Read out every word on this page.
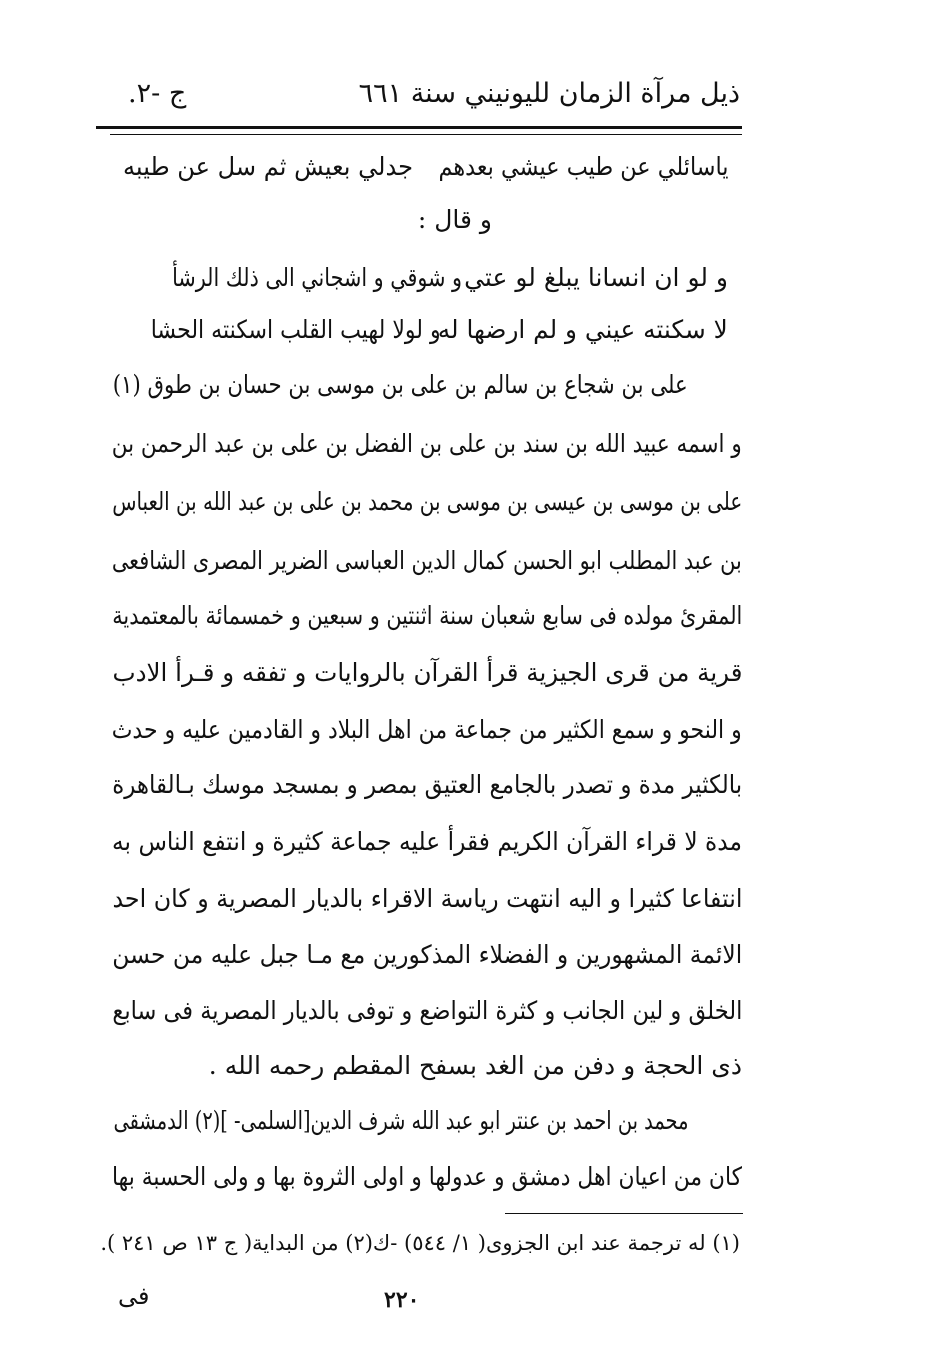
ذيل مرآة الزمان لليونيني سنة ٦٦١
ج -٢.
ياسائلي عن طيب عيشي بعدهم
جدلي بعيش ثم سل عن طيبه
و قال :
و لو ان انسانا يبلغ لو عتي
و شوقي و اشجاني الى ذلك الرشأ
لا سكنته عيني و لم ارضها له
و لولا لهيب القلب اسكنته الحشا
على بن شجاع بن سالم بن على بن موسى بن حسان بن طوق (١)
و اسمه عبيد الله بن سند بن على بن الفضل بن على بن عبد الرحمن بن
على بن موسى بن عيسى بن موسى بن محمد بن على بن عبد الله بن العباس
بن عبد المطلب ابو الحسن كمال الدين العباسى الضرير المصرى الشافعى
المقرئ مولده فى سابع شعبان سنة اثنتين و سبعين و خمسمائة بالمعتمدية
قرية من قرى الجيزية قرأ القرآن بالروايات و تفقه و قـرأ الادب
و النحو و سمع الكثير من جماعة من اهل البلاد و القادمين عليه و حدث
بالكثير مدة و تصدر بالجامع العتيق بمصر و بمسجد موسك بـالقاهرة
مدة لا قراء القرآن الكريم فقرأ عليه جماعة كثيرة و انتفع الناس به
انتفاعا كثيرا و اليه انتهت رياسة الاقراء بالديار المصرية و كان احد
الائمة المشهورين و الفضلاء المذكورين مع مـا جبل عليه من حسن
الخلق و لين الجانب و كثرة التواضع و توفى بالديار المصرية فى سابع
ذى الحجة و دفن من الغد بسفح المقطم رحمه الله .
محمد بن احمد بن عنتر ابو عبد الله شرف الدين[السلمى- ](٢) الدمشقى
كان من اعيان اهل دمشق و عدولها و اولى الثروة بها و ولى الحسبة بها
(١) له ترجمة عند ابن الجزوى( ١/ ٥٤٤) -ك(٢) من البداية( ج ١٣ ص ٢٤١ ).
فى	٢٢٠
